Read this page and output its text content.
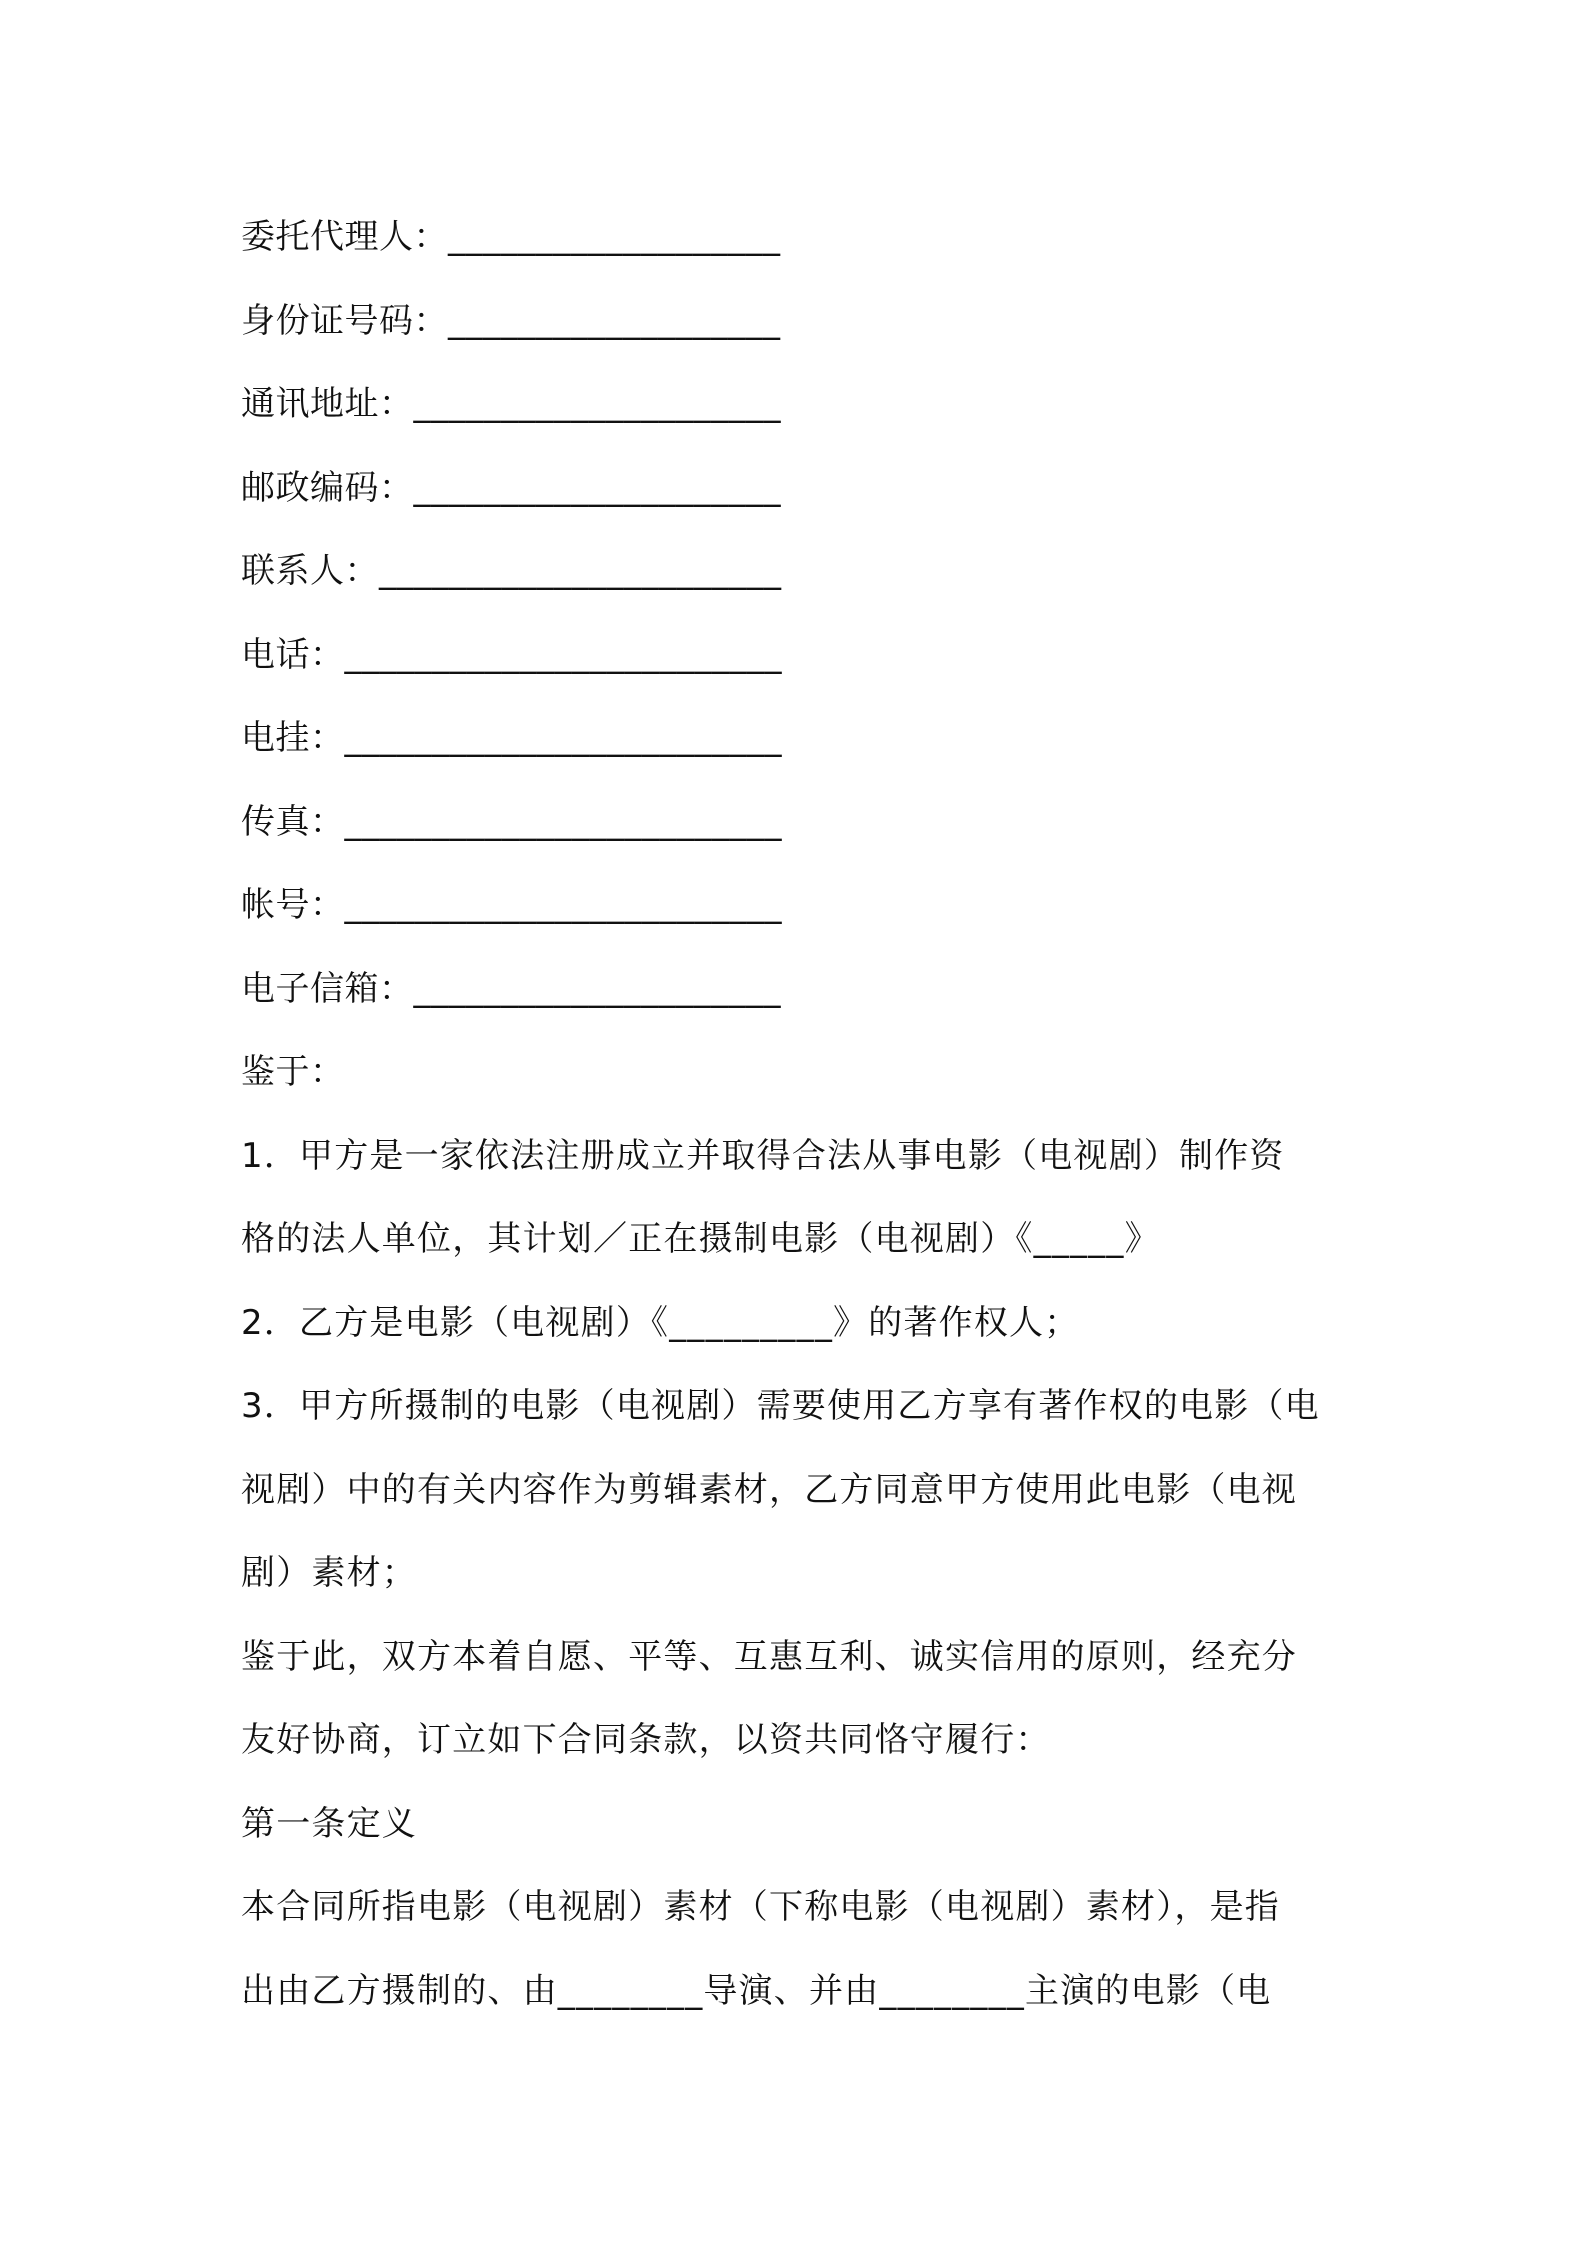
委托代理人：___________________
身份证号码：___________________
通讯地址：_____________________
邮政编码：_____________________
联系人：_______________________
电话：_________________________
电挂：_________________________
传真：_________________________
帐号：_________________________
电子信箱：_____________________
鉴于：
1．甲方是一家依法注册成立并取得合法从事电影（电视剧）制作资
格的法人单位，其计划／正在摄制电影（电视剧）《_____》
2．乙方是电影（电视剧）《_________》的著作权人；
3．甲方所摄制的电影（电视剧）需要使用乙方享有著作权的电影（电
视剧）中的有关内容作为剪辑素材，乙方同意甲方使用此电影（电视
剧）素材；
鉴于此，双方本着自愿、平等、互惠互利、诚实信用的原则，经充分
友好协商，订立如下合同条款，以资共同恪守履行：
第一条定义
本合同所指电影（电视剧）素材（下称电影（电视剧）素材），是指
出由乙方摄制的、由________导演、并由________主演的电影（电
